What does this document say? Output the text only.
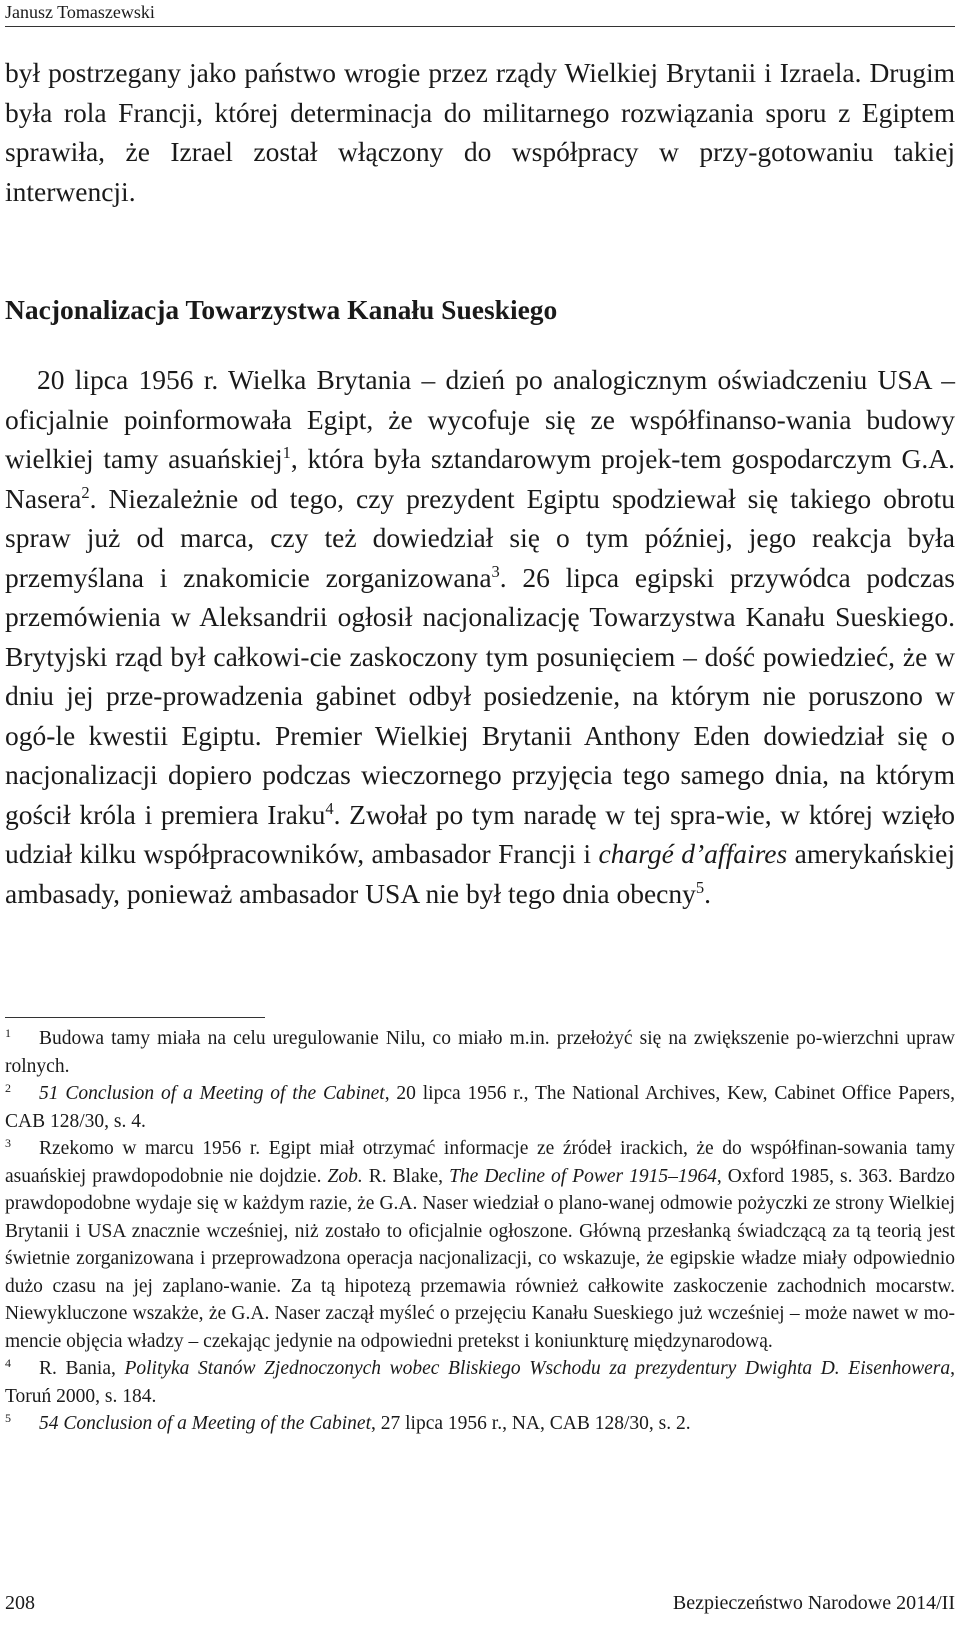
Janusz Tomaszewski

był postrzegany jako państwo wrogie przez rządy Wielkiej Brytanii i Izraela. Drugim była rola Francji, której determinacja do militarnego rozwiązania sporu z Egiptem sprawiła, że Izrael został włączony do współpracy w przy-gotowaniu takiej interwencji.

Nacjonalizacja Towarzystwa Kanału Sueskiego

20 lipca 1956 r. Wielka Brytania – dzień po analogicznym oświadczeniu USA – oficjalnie poinformowała Egipt, że wycofuje się ze współfinanso-wania budowy wielkiej tamy asuańskiej$^1$, która była sztandarowym projek-tem gospodarczym G.A. Nasera$^2$. Niezależnie od tego, czy prezydent Egiptu spodziewał się takiego obrotu spraw już od marca, czy też dowiedział się o tym później, jego reakcja była przemyślana i znakomicie zorganizowana$^3$. 26 lipca egipski przywódca podczas przemówienia w Aleksandrii ogłosił nacjonalizację Towarzystwa Kanału Sueskiego. Brytyjski rząd był całkowi-cie zaskoczony tym posunięciem – dość powiedzieć, że w dniu jej prze-prowadzenia gabinet odbył posiedzenie, na którym nie poruszono w ogó-le kwestii Egiptu. Premier Wielkiej Brytanii Anthony Eden dowiedział się o nacjonalizacji dopiero podczas wieczornego przyjęcia tego samego dnia, na którym gościł króla i premiera Iraku$^4$. Zwołał po tym naradę w tej spra-wie, w której wzięło udział kilku współpracowników, ambasador Francji i chargé d’affaires amerykańskiej ambasady, ponieważ ambasador USA nie był tego dnia obecny$^5$.

1 Budowa tamy miała na celu uregulowanie Nilu, co miało m.in. przełożyć się na zwiększenie po-wierzchni upraw rolnych.

2 51 Conclusion of a Meeting of the Cabinet, 20 lipca 1956 r., The National Archives, Kew, Cabinet Office Papers, CAB 128/30, s. 4.

3 Rzekomo w marcu 1956 r. Egipt miał otrzymać informacje ze źródeł irackich, że do współfinan-sowania tamy asuańskiej prawdopodobnie nie dojdzie. Zob. R. Blake, The Decline of Power 1915–1964, Oxford 1985, s. 363. Bardzo prawdopodobne wydaje się w każdym razie, że G.A. Naser wiedział o plano-wanej odmowie pożyczki ze strony Wielkiej Brytanii i USA znacznie wcześniej, niż zostało to oficjalnie ogłoszone. Główną przesłanką świadczącą za tą teorią jest świetnie zorganizowana i przeprowadzona operacja nacjonalizacji, co wskazuje, że egipskie władze miały odpowiednio dużo czasu na jej zaplano-wanie. Za tą hipotezą przemawia również całkowite zaskoczenie zachodnich mocarstw. Niewykluczone wszakże, że G.A. Naser zaczął myśleć o przejęciu Kanału Sueskiego już wcześniej – może nawet w mo-mencie objęcia władzy – czekając jedynie na odpowiedni pretekst i koniunkturę międzynarodową.

4 R. Bania, Polityka Stanów Zjednoczonych wobec Bliskiego Wschodu za prezydentury Dwighta D. Eisenhowera, Toruń 2000, s. 184.

5 54 Conclusion of a Meeting of the Cabinet, 27 lipca 1956 r., NA, CAB 128/30, s. 2.

208	Bezpieczeństwo Narodowe 2014/II
